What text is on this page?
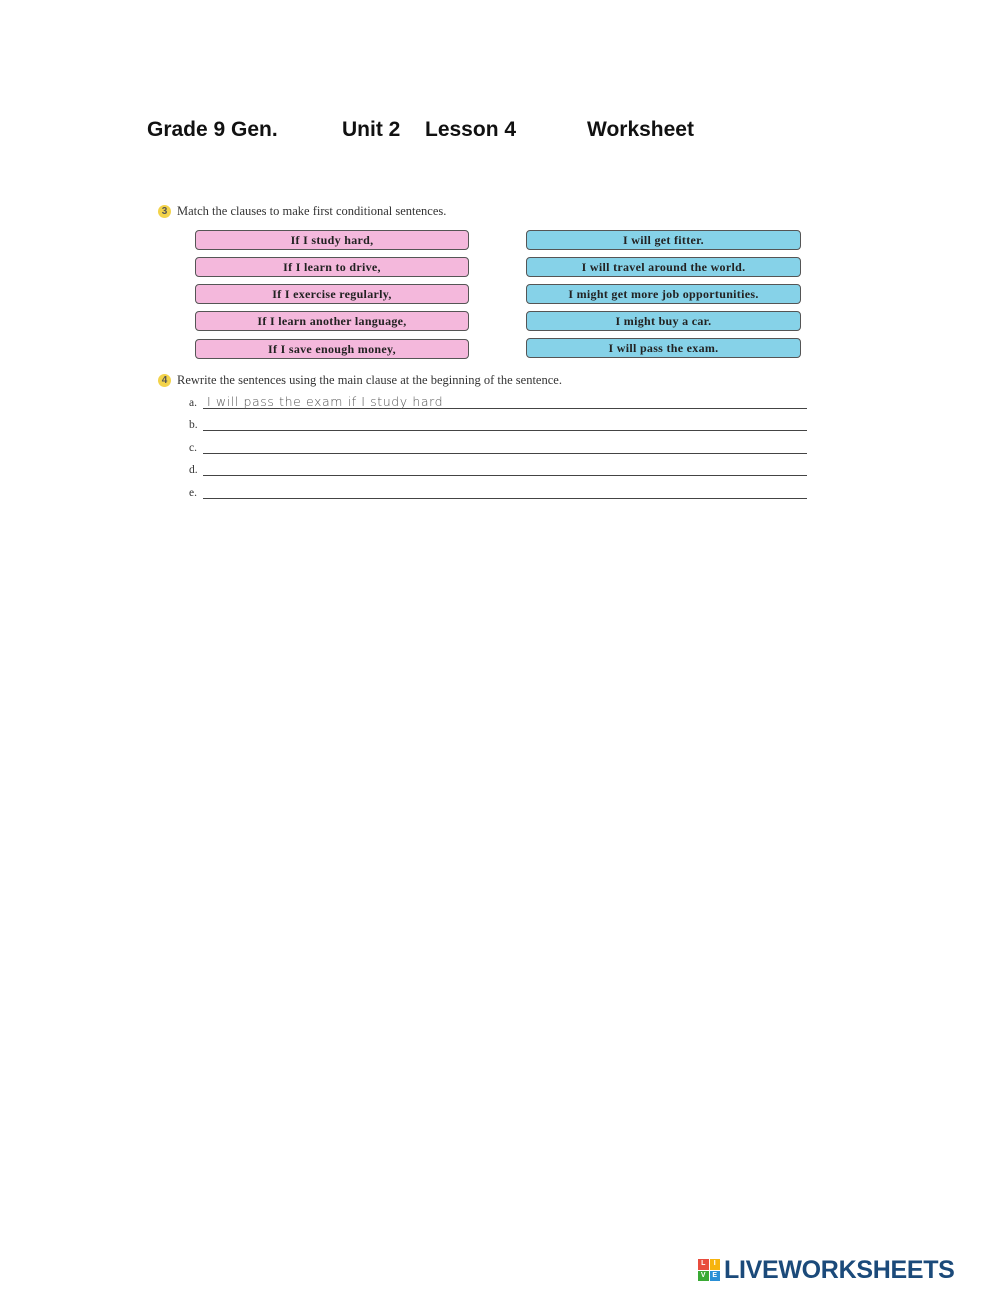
Grade 9 Gen.	Unit 2 Lesson 4	Worksheet
3 Match the clauses to make first conditional sentences.
If I study hard,
If I learn to drive,
If I exercise regularly,
If I learn another language,
If I save enough money,
I will get fitter.
I will travel around the world.
I might get more job opportunities.
I might buy a car.
I will pass the exam.
4 Rewrite the sentences using the main clause at the beginning of the sentence.
a. I will pass the exam if I study hard
b.
c.
d.
e.
L	I
V E LIVEWORKSHEETS
